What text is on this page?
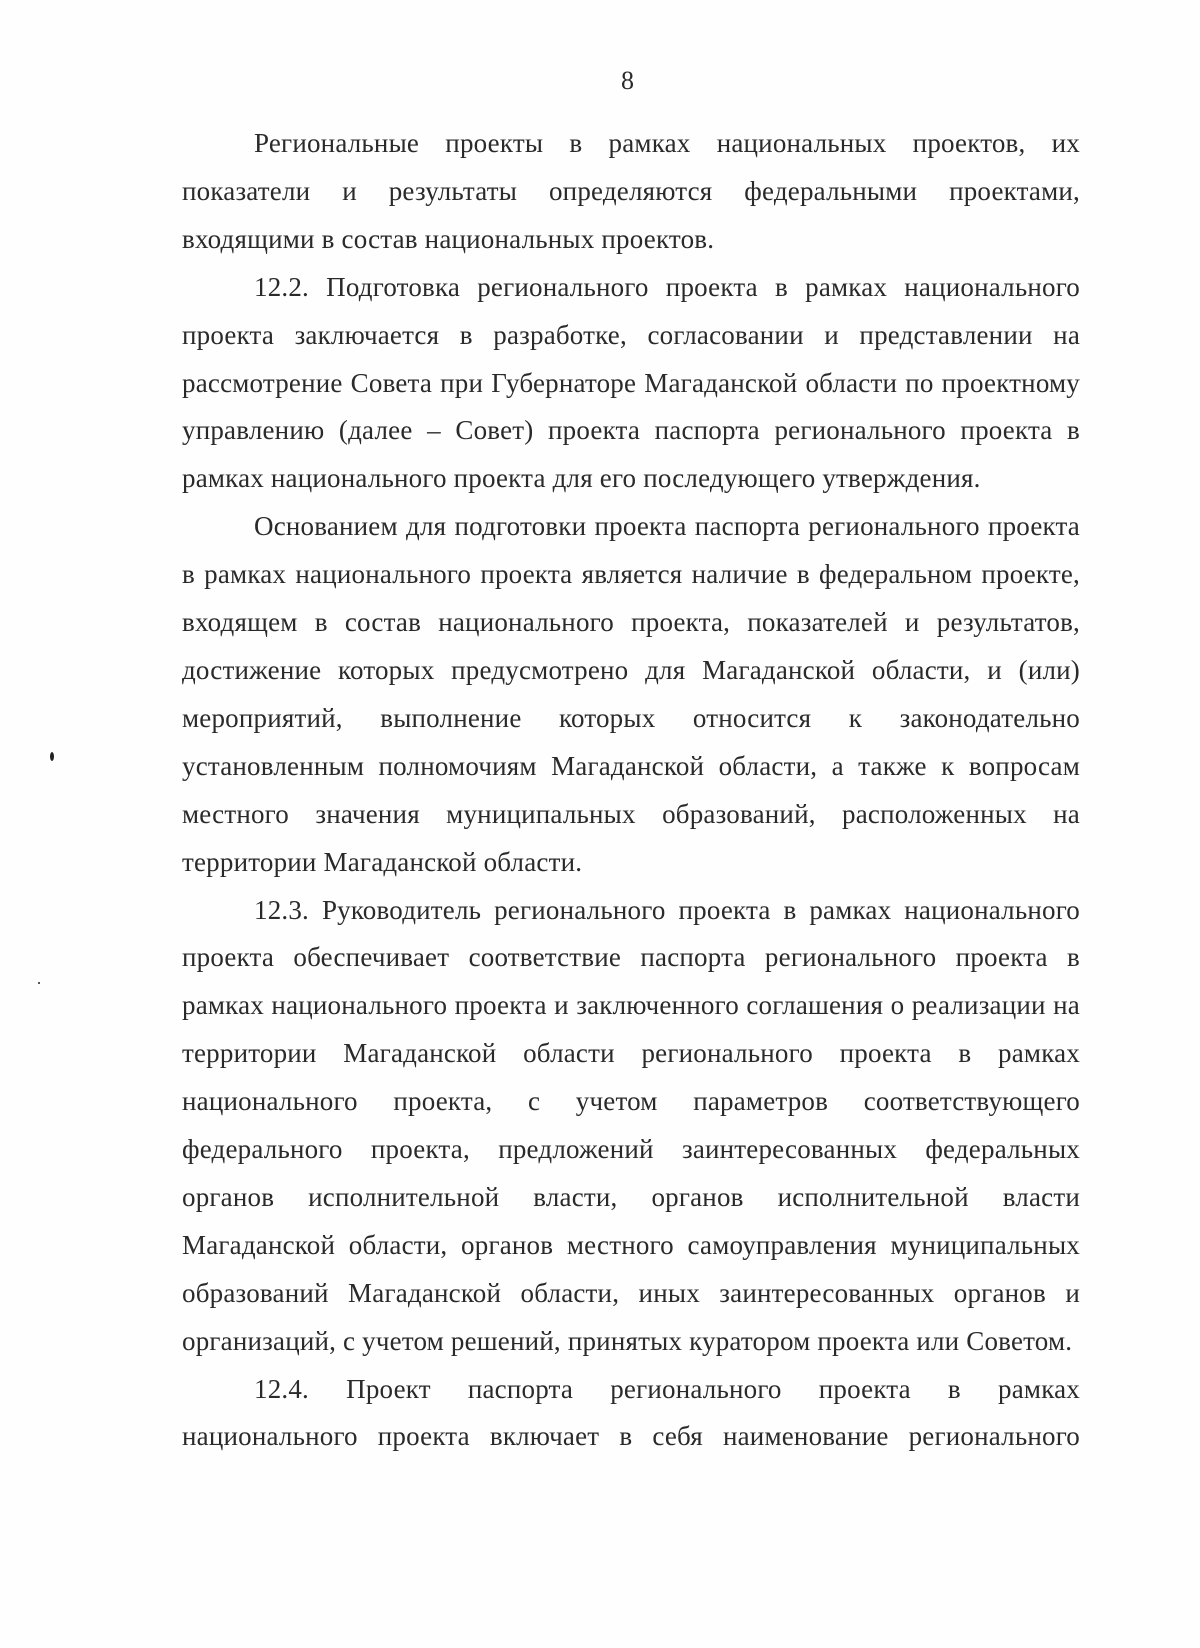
8

Региональные проекты в рамках национальных проектов, их показатели и результаты определяются федеральными проектами, входящими в состав национальных проектов.

12.2. Подготовка регионального проекта в рамках национального проекта заключается в разработке, согласовании и представлении на рассмотрение Совета при Губернаторе Магаданской области по проектному управлению (далее – Совет) проекта паспорта регионального проекта в рамках национального проекта для его последующего утверждения.

Основанием для подготовки проекта паспорта регионального проекта в рамках национального проекта является наличие в федеральном проекте, входящем в состав национального проекта, показателей и результатов, достижение которых предусмотрено для Магаданской области, и (или) мероприятий, выполнение которых относится к законодательно установленным полномочиям Магаданской области, а также к вопросам местного значения муниципальных образований, расположенных на территории Магаданской области.

12.3. Руководитель регионального проекта в рамках национального проекта обеспечивает соответствие паспорта регионального проекта в рамках национального проекта и заключенного соглашения о реализации на территории Магаданской области регионального проекта в рамках национального проекта, с учетом параметров соответствующего федерального проекта, предложений заинтересованных федеральных органов исполнительной власти, органов исполнительной власти Магаданской области, органов местного самоуправления муниципальных образований Магаданской области, иных заинтересованных органов и организаций, с учетом решений, принятых куратором проекта или Советом.

12.4. Проект паспорта регионального проекта в рамках национального проекта включает в себя наименование регионального
